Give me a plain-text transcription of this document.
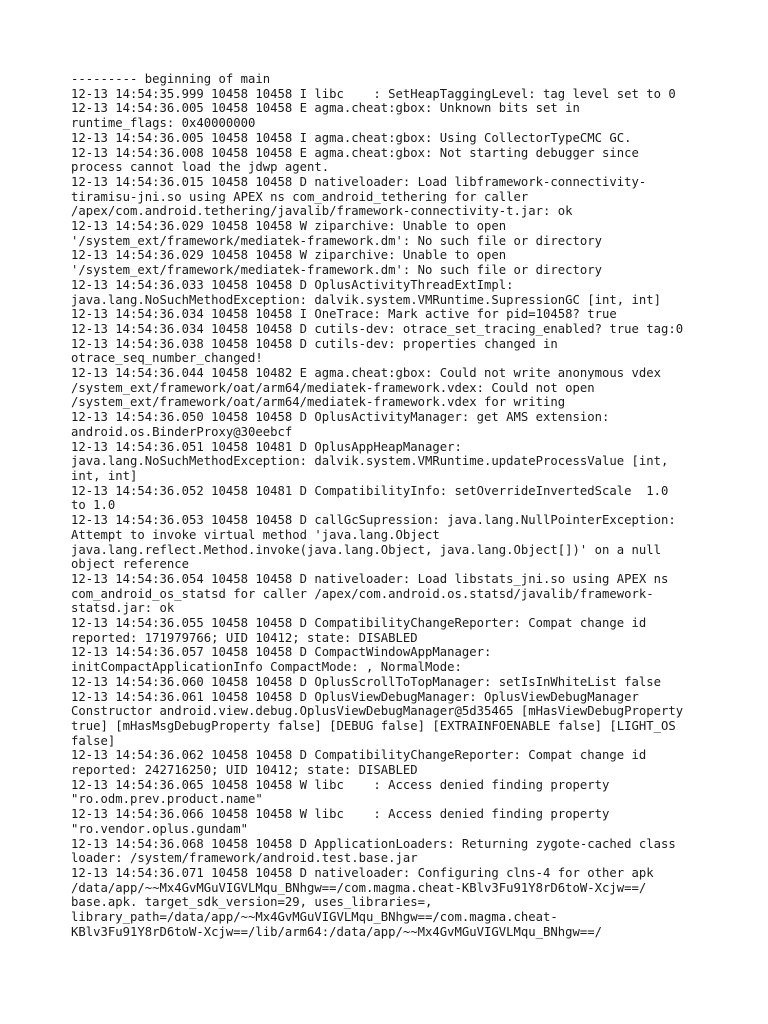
--------- beginning of main

12-13 14:54:35.999 10458 10458 I libc    : SetHeapTaggingLevel: tag level set to 0

12-13 14:54:36.005 10458 10458 E agma.cheat:gbox: Unknown bits set in

runtime_flags: 0x40000000

12-13 14:54:36.005 10458 10458 I agma.cheat:gbox: Using CollectorTypeCMC GC.

12-13 14:54:36.008 10458 10458 E agma.cheat:gbox: Not starting debugger since

process cannot load the jdwp agent.

12-13 14:54:36.015 10458 10458 D nativeloader: Load libframework-connectivity-

tiramisu-jni.so using APEX ns com_android_tethering for caller

/apex/com.android.tethering/javalib/framework-connectivity-t.jar: ok

12-13 14:54:36.029 10458 10458 W ziparchive: Unable to open

'/system_ext/framework/mediatek-framework.dm': No such file or directory

12-13 14:54:36.029 10458 10458 W ziparchive: Unable to open

'/system_ext/framework/mediatek-framework.dm': No such file or directory

12-13 14:54:36.033 10458 10458 D OplusActivityThreadExtImpl:

java.lang.NoSuchMethodException: dalvik.system.VMRuntime.SupressionGC [int, int]

12-13 14:54:36.034 10458 10458 I OneTrace: Mark active for pid=10458? true

12-13 14:54:36.034 10458 10458 D cutils-dev: otrace_set_tracing_enabled? true tag:0

12-13 14:54:36.038 10458 10458 D cutils-dev: properties changed in

otrace_seq_number_changed!

12-13 14:54:36.044 10458 10482 E agma.cheat:gbox: Could not write anonymous vdex

/system_ext/framework/oat/arm64/mediatek-framework.vdex: Could not open

/system_ext/framework/oat/arm64/mediatek-framework.vdex for writing

12-13 14:54:36.050 10458 10458 D OplusActivityManager: get AMS extension:

android.os.BinderProxy@30eebcf

12-13 14:54:36.051 10458 10481 D OplusAppHeapManager:

java.lang.NoSuchMethodException: dalvik.system.VMRuntime.updateProcessValue [int,

int, int]

12-13 14:54:36.052 10458 10481 D CompatibilityInfo: setOverrideInvertedScale  1.0

to 1.0

12-13 14:54:36.053 10458 10458 D callGcSupression: java.lang.NullPointerException:

Attempt to invoke virtual method 'java.lang.Object

java.lang.reflect.Method.invoke(java.lang.Object, java.lang.Object[])' on a null

object reference

12-13 14:54:36.054 10458 10458 D nativeloader: Load libstats_jni.so using APEX ns

com_android_os_statsd for caller /apex/com.android.os.statsd/javalib/framework-

statsd.jar: ok

12-13 14:54:36.055 10458 10458 D CompatibilityChangeReporter: Compat change id

reported: 171979766; UID 10412; state: DISABLED

12-13 14:54:36.057 10458 10458 D CompactWindowAppManager:

initCompactApplicationInfo CompactMode: , NormalMode:

12-13 14:54:36.060 10458 10458 D OplusScrollToTopManager: setIsInWhiteList false

12-13 14:54:36.061 10458 10458 D OplusViewDebugManager: OplusViewDebugManager

Constructor android.view.debug.OplusViewDebugManager@5d35465 [mHasViewDebugProperty

true] [mHasMsgDebugProperty false] [DEBUG false] [EXTRAINFOENABLE false] [LIGHT_OS

false]

12-13 14:54:36.062 10458 10458 D CompatibilityChangeReporter: Compat change id

reported: 242716250; UID 10412; state: DISABLED

12-13 14:54:36.065 10458 10458 W libc    : Access denied finding property

"ro.odm.prev.product.name"

12-13 14:54:36.066 10458 10458 W libc    : Access denied finding property

"ro.vendor.oplus.gundam"

12-13 14:54:36.068 10458 10458 D ApplicationLoaders: Returning zygote-cached class

loader: /system/framework/android.test.base.jar

12-13 14:54:36.071 10458 10458 D nativeloader: Configuring clns-4 for other apk

/data/app/~~Mx4GvMGuVIGVLMqu_BNhgw==/com.magma.cheat-KBlv3Fu91Y8rD6toW-Xcjw==/

base.apk. target_sdk_version=29, uses_libraries=,

library_path=/data/app/~~Mx4GvMGuVIGVLMqu_BNhgw==/com.magma.cheat-

KBlv3Fu91Y8rD6toW-Xcjw==/lib/arm64:/data/app/~~Mx4GvMGuVIGVLMqu_BNhgw==/
